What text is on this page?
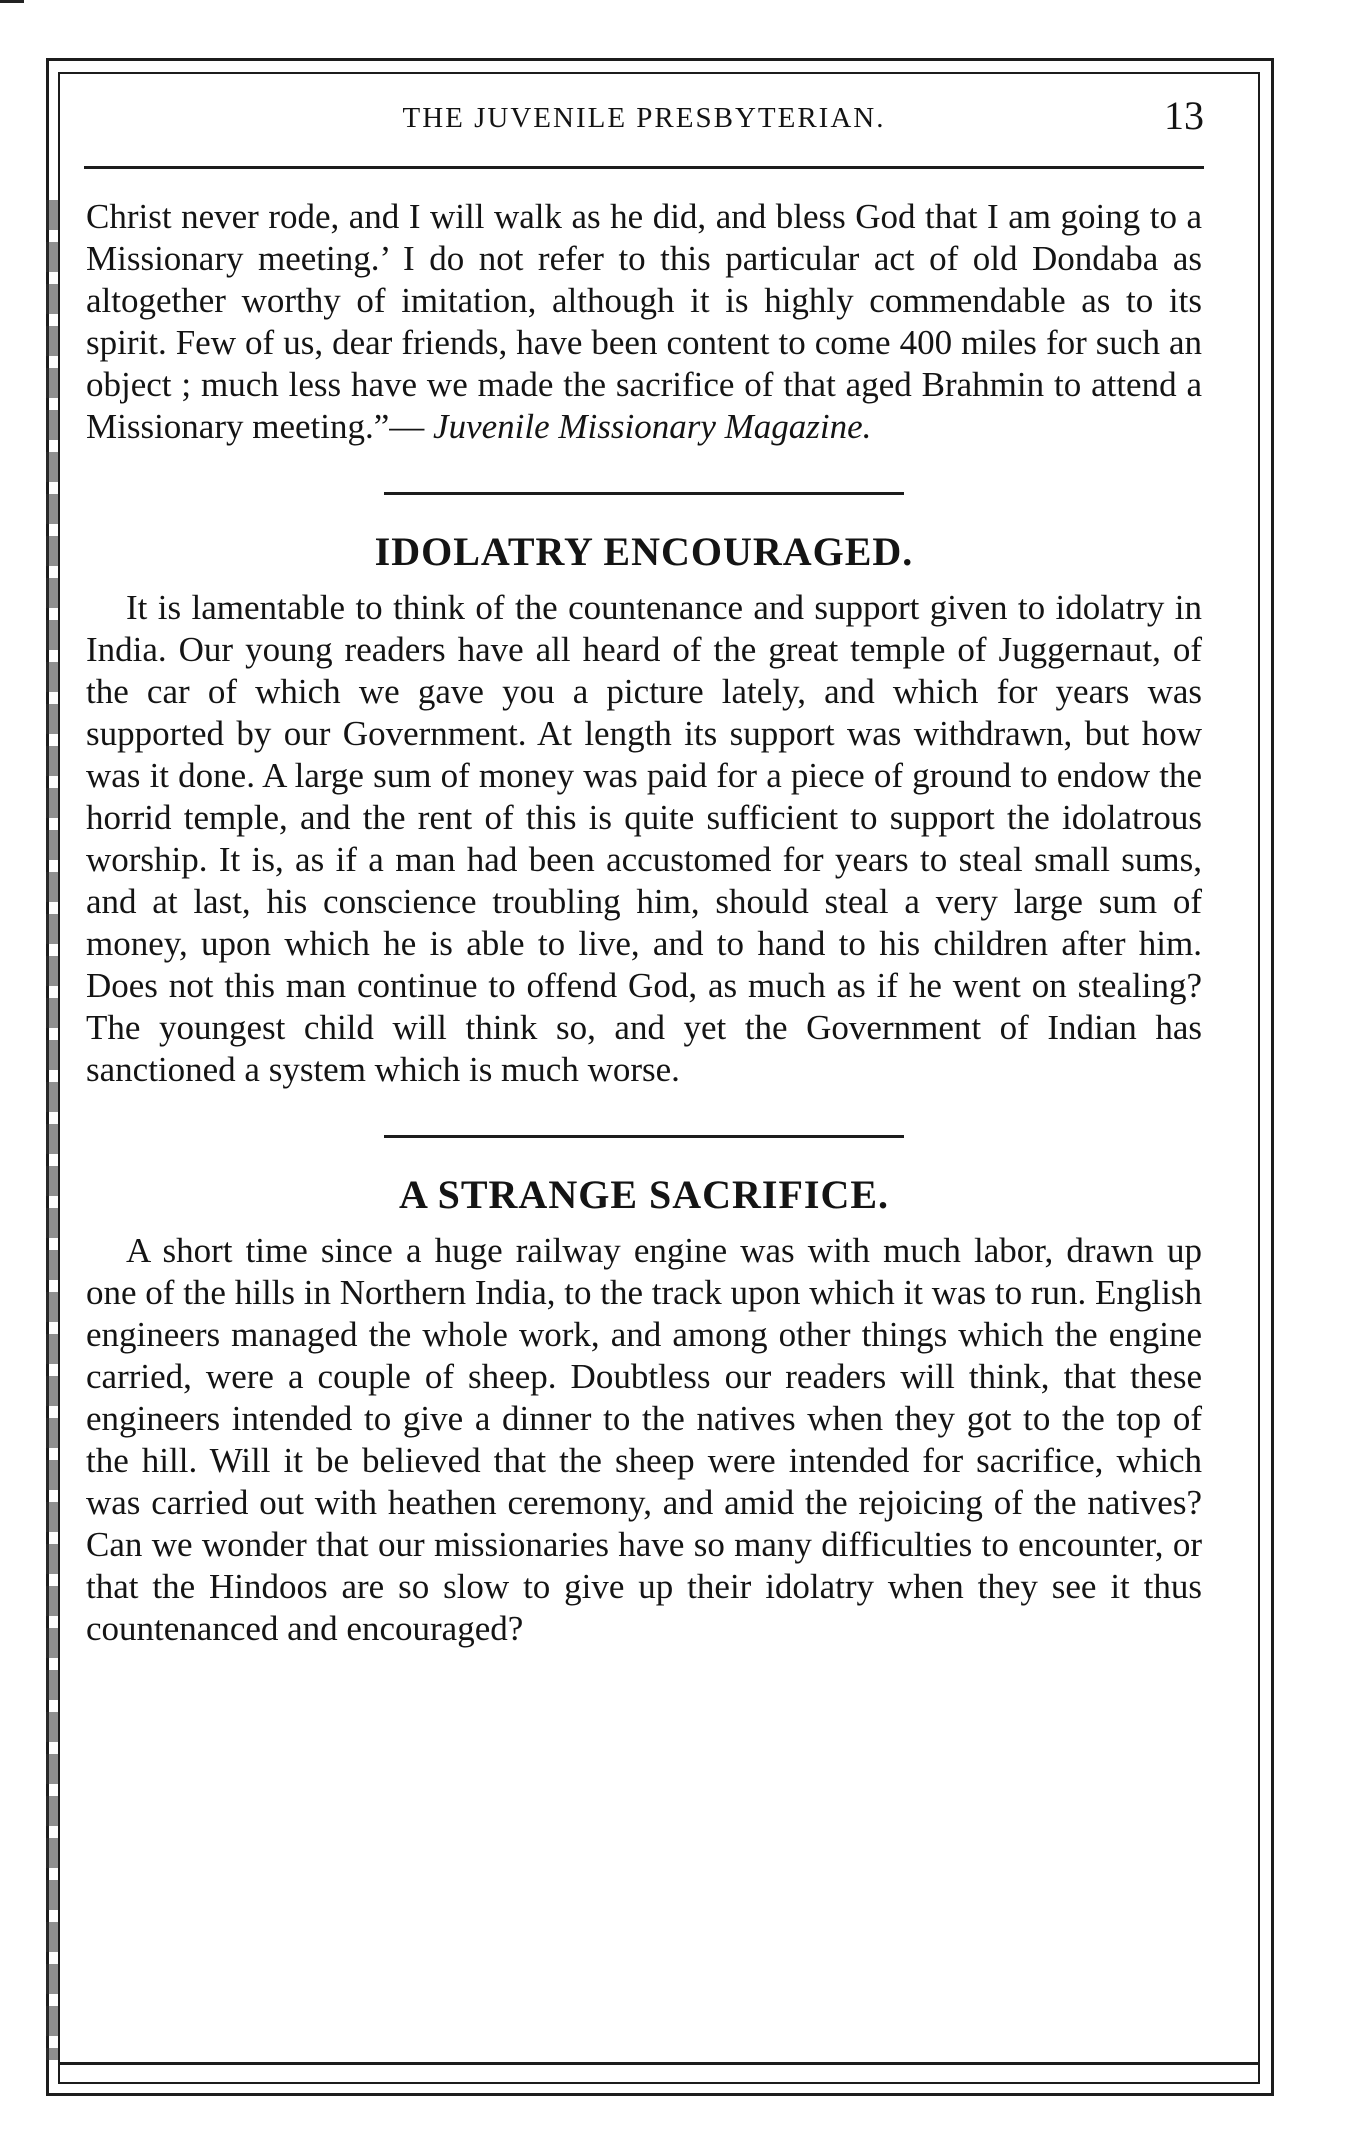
THE JUVENILE PRESBYTERIAN.	13

Christ never rode, and I will walk as he did, and bless God that I am going to a Missionary meeting.’ I do not refer to this particular act of old Dondaba as altogether worthy of imitation, although it is highly commendable as to its spirit. Few of us, dear friends, have been content to come 400 miles for such an object ; much less have we made the sacrifice of that aged Brahmin to attend a Missionary meeting.”— Juvenile Missionary Magazine.

IDOLATRY ENCOURAGED.

It is lamentable to think of the countenance and support given to idolatry in India. Our young readers have all heard of the great temple of Juggernaut, of the car of which we gave you a picture lately, and which for years was supported by our Government. At length its support was withdrawn, but how was it done. A large sum of money was paid for a piece of ground to endow the horrid temple, and the rent of this is quite sufficient to support the idolatrous worship. It is, as if a man had been accustomed for years to steal small sums, and at last, his conscience troubling him, should steal a very large sum of money, upon which he is able to live, and to hand to his children after him. Does not this man continue to offend God, as much as if he went on stealing? The youngest child will think so, and yet the Government of Indian has sanctioned a system which is much worse.

A STRANGE SACRIFICE.

A short time since a huge railway engine was with much labor, drawn up one of the hills in Northern India, to the track upon which it was to run. English engineers managed the whole work, and among other things which the engine carried, were a couple of sheep. Doubtless our readers will think, that these engineers intended to give a dinner to the natives when they got to the top of the hill. Will it be believed that the sheep were intended for sacrifice, which was carried out with heathen ceremony, and amid the rejoicing of the natives? Can we wonder that our missionaries have so many difficulties to encounter, or that the Hindoos are so slow to give up their idolatry when they see it thus countenanced and encouraged?
